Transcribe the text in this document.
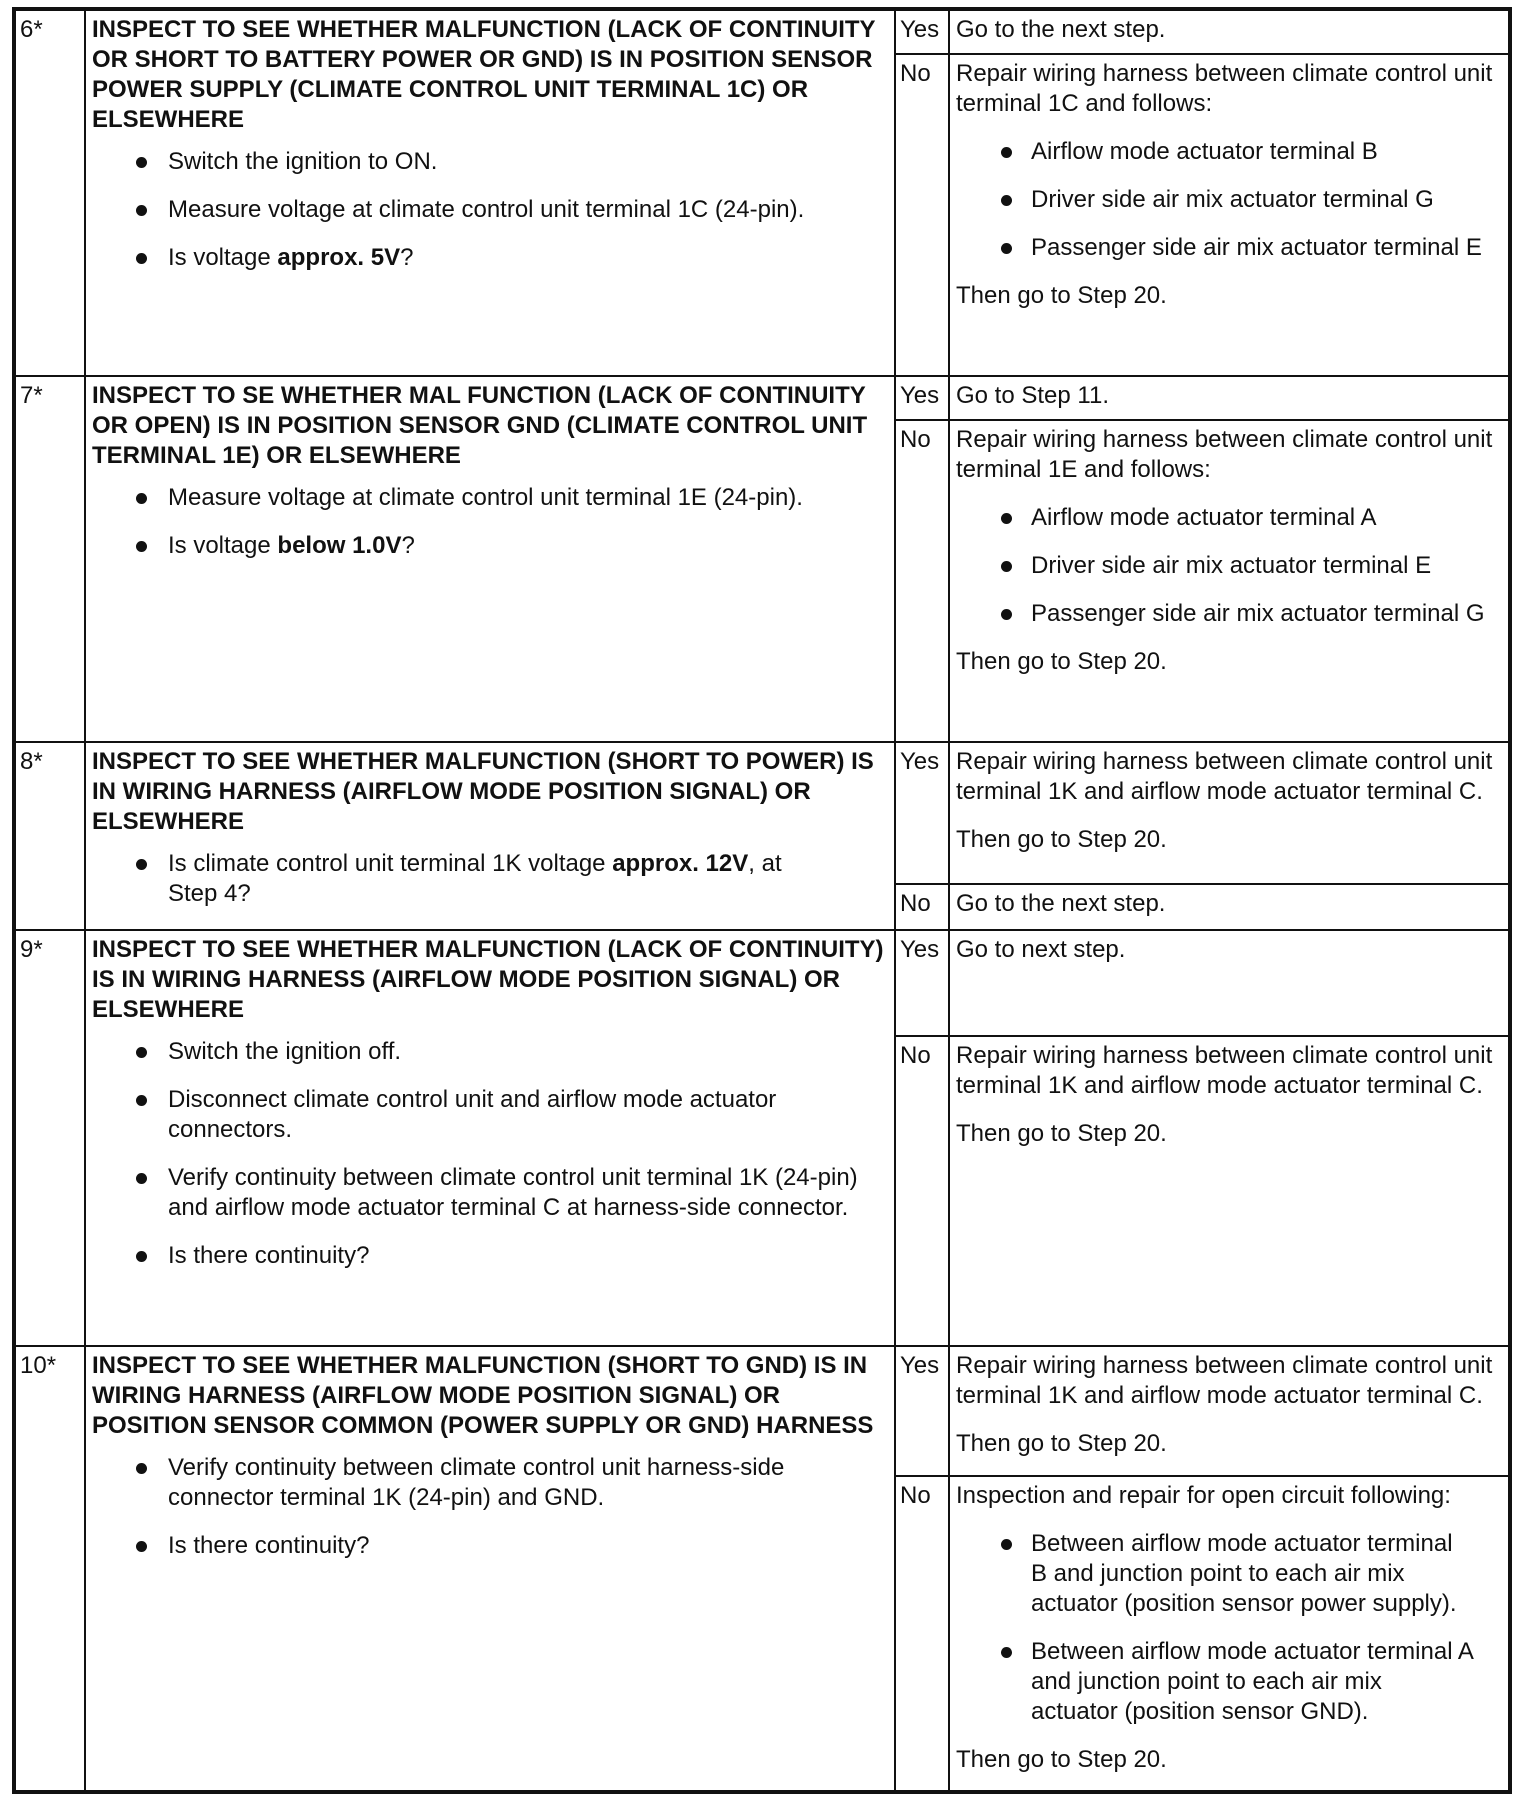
6*	INSPECT TO SEE WHETHER MALFUNCTION (LACK OF CONTINUITY OR SHORT TO BATTERY POWER OR GND) IS IN POSITION SENSOR POWER SUPPLY (CLIMATE CONTROL UNIT TERMINAL 1C) OR ELSEWHERE
Switch the ignition to ON.
Measure voltage at climate control unit terminal 1C (24-pin).
Is voltage approx. 5V?
Yes Go to the next step.
No	Repair wiring harness between climate control unit terminal 1C and follows:
Airflow mode actuator terminal B
Driver side air mix actuator terminal G
Passenger side air mix actuator terminal E
Then go to Step 20.
7*	INSPECT TO SE WHETHER MAL FUNCTION (LACK OF CONTINUITY OR OPEN) IS IN POSITION SENSOR GND (CLIMATE CONTROL UNIT TERMINAL 1E) OR ELSEWHERE
Measure voltage at climate control unit terminal 1E (24-pin).
Is voltage below 1.0V?
Yes Go to Step 11.
No	Repair wiring harness between climate control unit terminal 1E and follows:
Airflow mode actuator terminal A
Driver side air mix actuator terminal E
Passenger side air mix actuator terminal G
Then go to Step 20.
8*	INSPECT TO SEE WHETHER MALFUNCTION (SHORT TO POWER) IS IN WIRING HARNESS (AIRFLOW MODE POSITION SIGNAL) OR ELSEWHERE
Is climate control unit terminal 1K voltage approx. 12V, at Step 4?
Yes Repair wiring harness between climate control unit terminal 1K and airflow mode actuator terminal C.
Then go to Step 20.
No	Go to the next step.
9*	INSPECT TO SEE WHETHER MALFUNCTION (LACK OF CONTINUITY) IS IN WIRING HARNESS (AIRFLOW MODE POSITION SIGNAL) OR ELSEWHERE
Switch the ignition off.
Disconnect climate control unit and airflow mode actuator connectors.
Verify continuity between climate control unit terminal 1K (24-pin) and airflow mode actuator terminal C at harness-side connector.
Is there continuity?
Yes Go to next step.
No	Repair wiring harness between climate control unit terminal 1K and airflow mode actuator terminal C.
Then go to Step 20.
10*	INSPECT TO SEE WHETHER MALFUNCTION (SHORT TO GND) IS IN WIRING HARNESS (AIRFLOW MODE POSITION SIGNAL) OR POSITION SENSOR COMMON (POWER SUPPLY OR GND) HARNESS
Verify continuity between climate control unit harness-side connector terminal 1K (24-pin) and GND.
Is there continuity?
Yes Repair wiring harness between climate control unit terminal 1K and airflow mode actuator terminal C.
Then go to Step 20.
No	Inspection and repair for open circuit following:
Between airflow mode actuator terminal B and junction point to each air mix actuator (position sensor power supply).
Between airflow mode actuator terminal A and junction point to each air mix actuator (position sensor GND).
Then go to Step 20.
